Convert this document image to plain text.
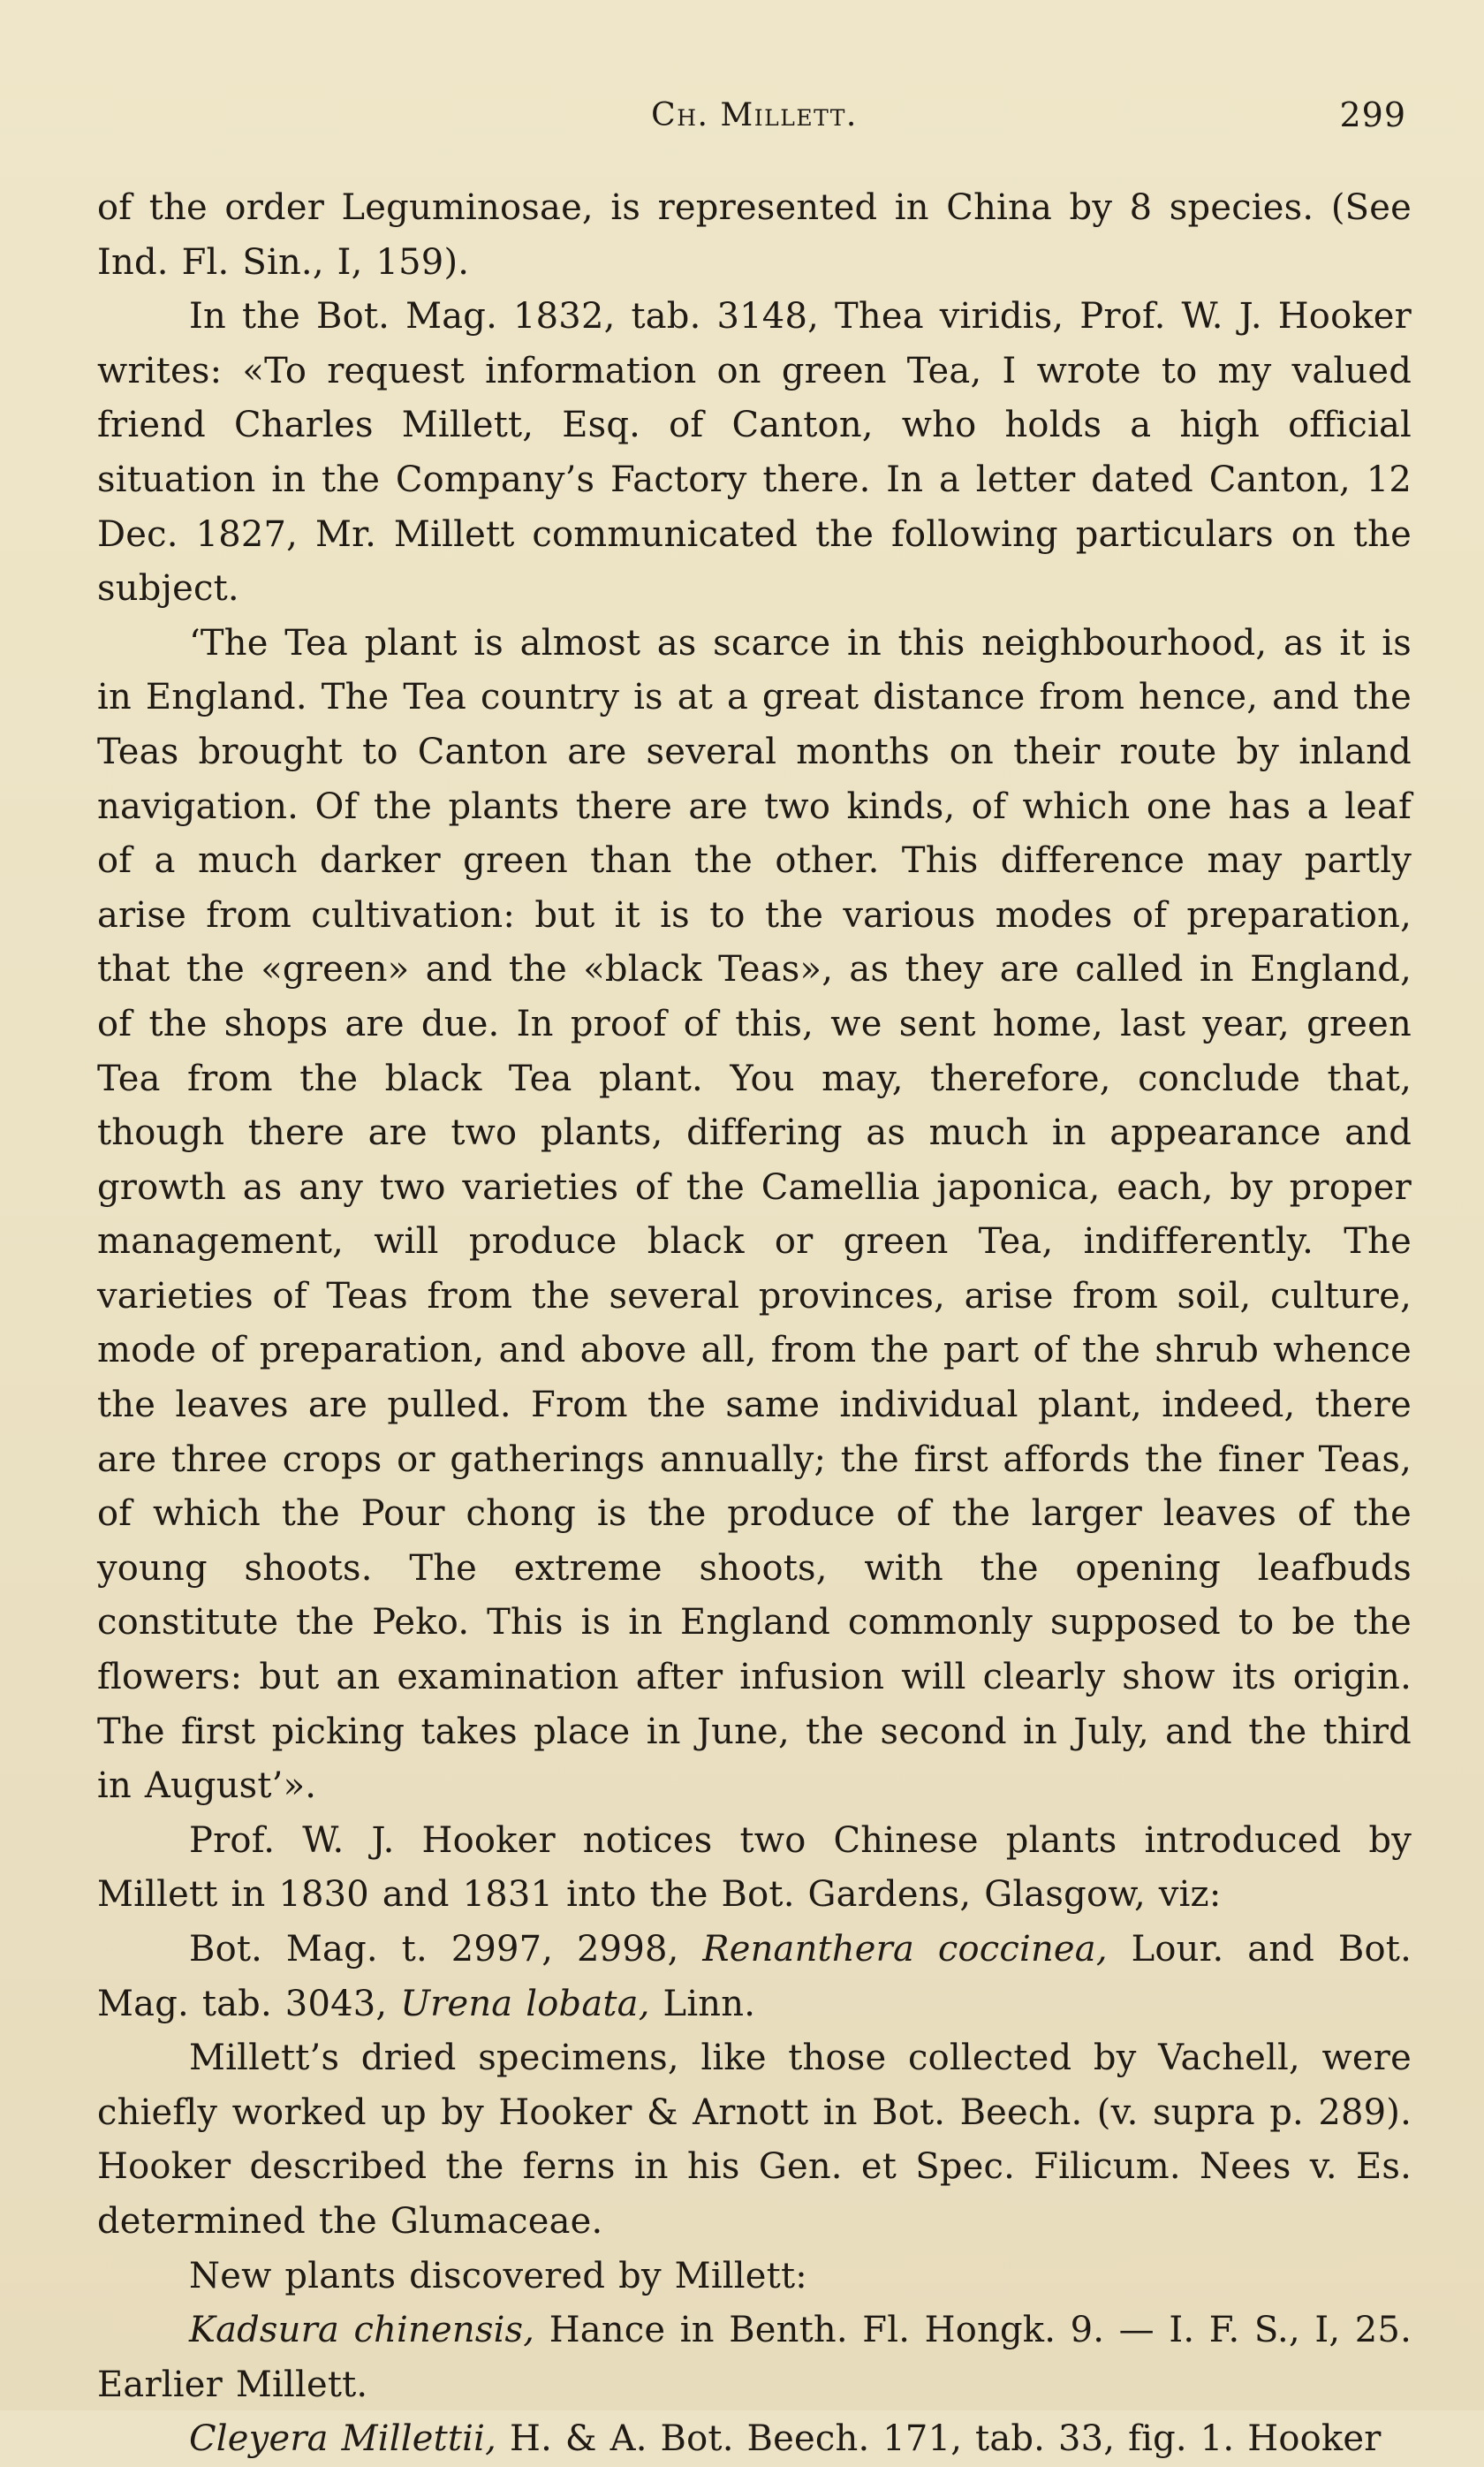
Ch. Millett.	299

of the order Leguminosae, is represented in China by 8 species. (See Ind. Fl. Sin., I, 159).

In the Bot. Mag. 1832, tab. 3148, Thea viridis, Prof. W. J. Hooker writes: «To request information on green Tea, I wrote to my valued friend Charles Millett, Esq. of Canton, who holds a high official situation in the Company’s Factory there. In a letter dated Canton, 12 Dec. 1827, Mr. Millett communicated the following particulars on the subject.

‘The Tea plant is almost as scarce in this neighbourhood, as it is in England. The Tea country is at a great distance from hence, and the Teas brought to Canton are several months on their route by inland navigation. Of the plants there are two kinds, of which one has a leaf of a much darker green than the other. This difference may partly arise from cultivation: but it is to the various modes of preparation, that the «green» and the «black Teas», as they are called in England, of the shops are due. In proof of this, we sent home, last year, green Tea from the black Tea plant. You may, therefore, conclude that, though there are two plants, differing as much in appearance and growth as any two varieties of the Camellia japonica, each, by proper management, will produce black or green Tea, indifferently. The varieties of Teas from the several provinces, arise from soil, culture, mode of preparation, and above all, from the part of the shrub whence the leaves are pulled. From the same individual plant, indeed, there are three crops or gatherings annually; the first affords the finer Teas, of which the Pour chong is the produce of the larger leaves of the young shoots. The extreme shoots, with the opening leafbuds constitute the Peko. This is in England commonly supposed to be the flowers: but an examination after infusion will clearly show its origin. The first picking takes place in June, the second in July, and the third in August’».

Prof. W. J. Hooker notices two Chinese plants introduced by Millett in 1830 and 1831 into the Bot. Gardens, Glasgow, viz:

Bot. Mag. t. 2997, 2998, Renanthera coccinea, Lour. and Bot. Mag. tab. 3043, Urena lobata, Linn.

Millett’s dried specimens, like those collected by Vachell, were chiefly worked up by Hooker & Arnott in Bot. Beech. (v. supra p. 289). Hooker described the ferns in his Gen. et Spec. Filicum. Nees v. Es. determined the Glumaceae.

New plants discovered by Millett:

Kadsura chinensis, Hance in Benth. Fl. Hongk. 9. — I. F. S., I, 25. Earlier Millett.

Cleyera Millettii, H. & A. Bot. Beech. 171, tab. 33, fig. 1. Hooker
